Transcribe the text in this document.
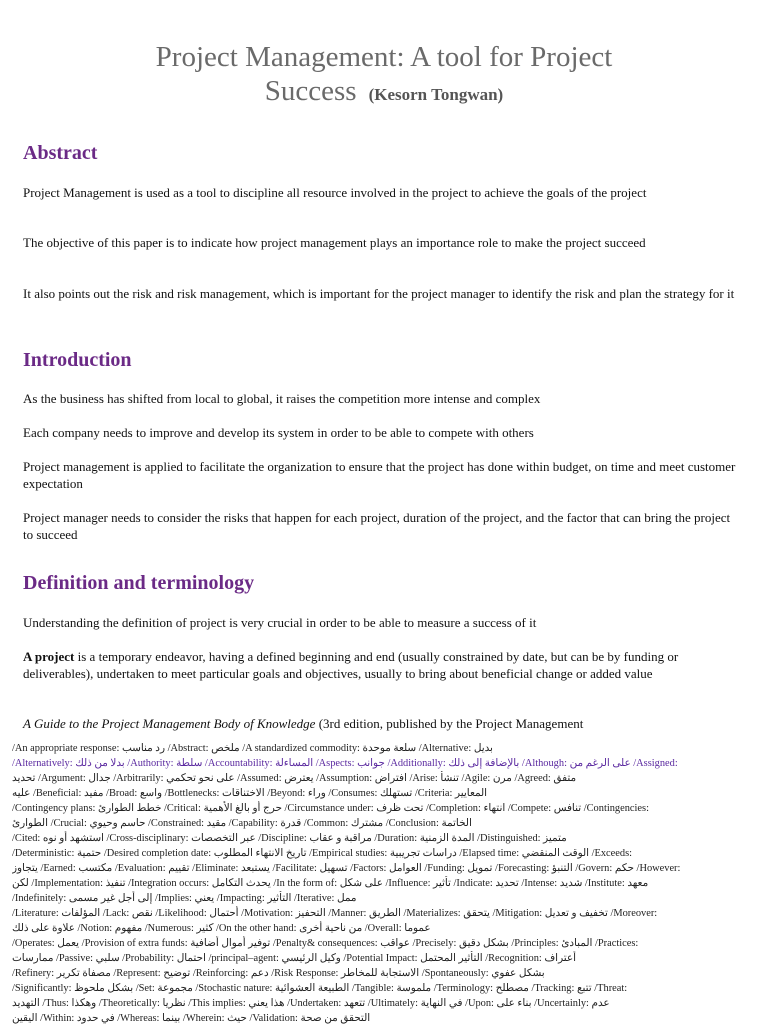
Project Management: A tool for Project
Success (Kesorn Tongwan)
Abstract
Project Management is used as a tool to discipline all resource involved in the project to achieve the goals of the project
The objective of this paper is to indicate how project management plays an importance role to make the project succeed
It also points out the risk and risk management, which is important for the project manager to identify the risk and plan the strategy for it
Introduction
As the business has shifted from local to global, it raises the competition more intense and complex
Each company needs to improve and develop its system in order to be able to compete with others
Project management is applied to facilitate the organization to ensure that the project has done within budget, on time and meet customer expectation
Project manager needs to consider the risks that happen for each project, duration of the project, and the factor that can bring the project to succeed
Definition and terminology
Understanding the definition of project is very crucial in order to be able to measure a success of it
A project is a temporary endeavor, having a defined beginning and end (usually constrained by date, but can be by funding or deliverables), undertaken to meet particular goals and objectives, usually to bring about beneficial change or added value
A Guide to the Project Management Body of Knowledge (3rd edition, published by the Project Management
/An appropriate response: رد مناسب /Abstract: ملخص /A standardized commodity: سلعة موحدة /Alternative: بديل
/Alternatively: بدلا من ذلك /Authority: سلطة /Accountability: المساءلة /Aspects: جوانب /Additionally: بالإضافة إلى ذلك /Although: على الرغم من /Assigned:
تحديد /Argument: جدال /Arbitrarily: على نحو تحكمي /Assumed: يعترض /Assumption: افتراض /Arise: تنشأ /Agile: مرن /Agreed: متفق
عليه /Beneficial: مفيد /Broad: واسع /Bottlenecks: الاختناقات /Beyond: وراء /Consumes: تستهلك /Criteria: المعايير
/Contingency plans: خطط الطوارئ /Critical: حرج أو بالغ الأهمية /Circumstance under: تحت ظرف /Completion: انتهاء /Compete: تنافس /Contingencies:
الطوارئ /Crucial: حاسم وحيوي /Constrained: مقيد /Capability: قدرة /Common: مشترك /Conclusion: الخاتمة
/Cited: استشهد أو نوه /Cross-disciplinary: عبر التخصصات /Discipline: مراقبة و عقاب /Duration: المدة الزمنية /Distinguished: متميز
/Deterministic: حتمية /Desired completion date: تاريخ الانتهاء المطلوب /Empirical studies: دراسات تجريبية /Elapsed time: الوقت المنقضي /Exceeds:
يتجاوز /Earned: مكتسب /Evaluation: تقييم /Eliminate: يستبعد /Facilitate: تسهيل /Factors: العوامل /Funding: تمويل /Forecasting: التنبؤ /Govern: حكم /However:
لكن /Implementation: تنفيذ /Integration occurs: يحدث التكامل /In the form of: على شكل /Influence: تأثير /Indicate: تحديد /Intense: شديد /Institute: معهد
/Indefinitely: إلى أجل غير مسمى /Implies: يعني /Impacting: التأثير /Iterative: ممل
/Literature: المؤلفات /Lack: نقص /Likelihood: أحتمال /Motivation: التحفيز /Manner: الطريق /Materializes: يتحقق /Mitigation: تخفيف و تعديل /Moreover:
علاوة على ذلك /Notion: مفهوم /Numerous: كثير /On the other hand: من ناحية أخرى /Overall: عموما
/Operates: يعمل /Provision of extra funds: توفير أموال أضافية /Penalty& consequences: عواقب /Precisely: بشكل دقيق /Principles: المبادئ /Practices:
ممارسات /Passive: سلبي /Probability: احتمال /principal–agent: وكيل الرئيسي /Potential Impact: التأثير المحتمل /Recognition: أعتراف
/Refinery: مصفاة تكرير /Represent: توضيح /Reinforcing: دعم /Risk Response: الاستجابة للمخاطر /Spontaneously: بشكل عفوي
/Significantly: بشكل ملحوظ /Set: مجموعة /Stochastic nature: الطبيعة العشوائية /Tangible: ملموسة /Terminology: مصطلح /Tracking: تتبع /Threat:
التهديد /Thus: وهكذا /Theoretically: نظريا /This implies: هذا يعني /Undertaken: تتعهد /Ultimately: في النهاية /Upon: بناء على /Uncertainly: عدم
اليقين /Within: في حدود /Whereas: بينما /Wherein: حيث /Validation: التحقق من صحة
